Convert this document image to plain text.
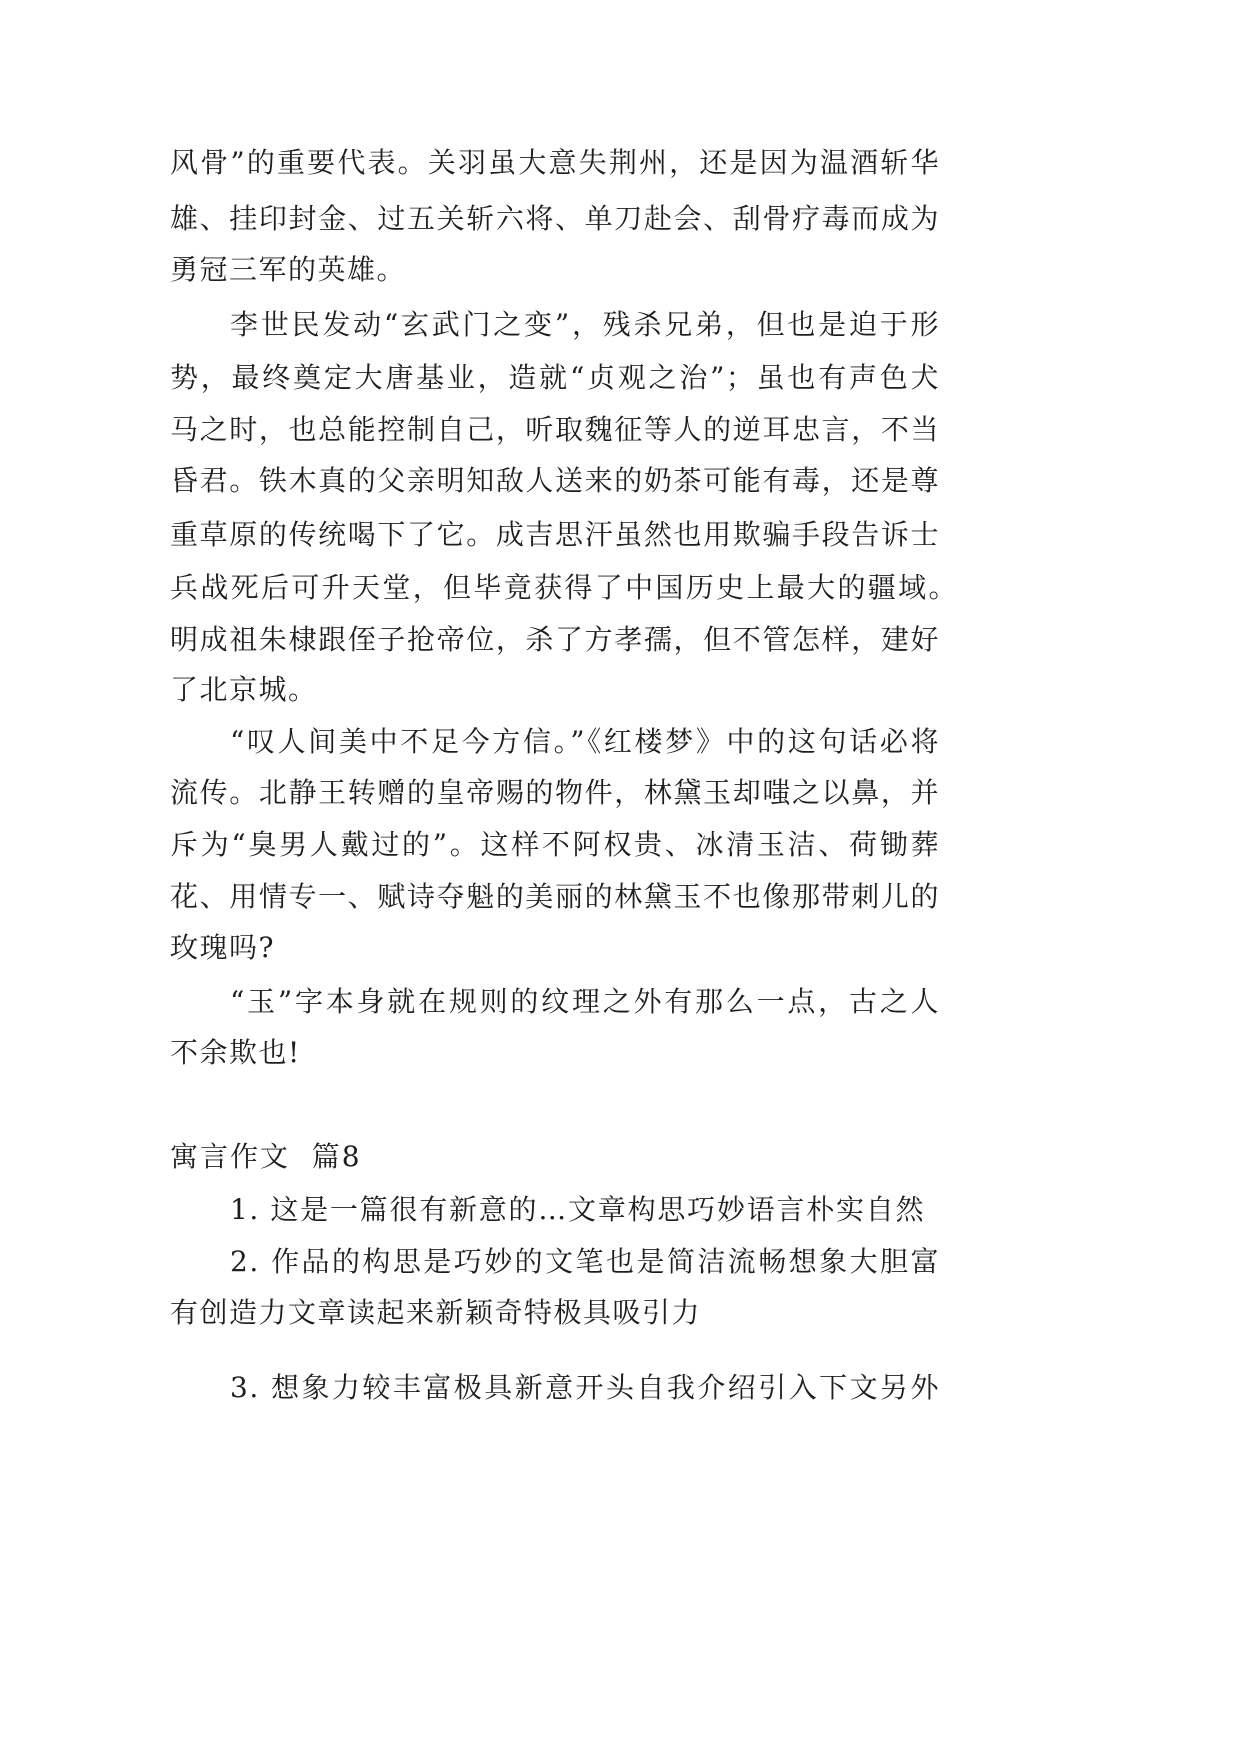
风骨”的重要代表。关羽虽大意失荆州，还是因为温酒斩华
雄、挂印封金、过五关斩六将、单刀赴会、刮骨疗毒而成为
勇冠三军的英雄。
李世民发动“玄武门之变”，残杀兄弟，但也是迫于形
势，最终奠定大唐基业，造就“贞观之治”；虽也有声色犬
马之时，也总能控制自己，听取魏征等人的逆耳忠言，不当
昏君。铁木真的父亲明知敌人送来的奶茶可能有毒，还是尊
重草原的传统喝下了它。成吉思汗虽然也用欺骗手段告诉士
兵战死后可升天堂，但毕竟获得了中国历史上最大的疆域。
明成祖朱棣跟侄子抢帝位，杀了方孝孺，但不管怎样，建好
了北京城。
“叹人间美中不足今方信。”《红楼梦》中的这句话必将
流传。北静王转赠的皇帝赐的物件，林黛玉却嗤之以鼻，并
斥为“臭男人戴过的”。这样不阿权贵、冰清玉洁、荷锄葬
花、用情专一、赋诗夺魁的美丽的林黛玉不也像那带刺儿的
玫瑰吗?
“玉”字本身就在规则的纹理之外有那么一点，古之人
不余欺也!
寓言作文  篇8
1. 这是一篇很有新意的…文章构思巧妙语言朴实自然
2. 作品的构思是巧妙的文笔也是简洁流畅想象大胆富
有创造力文章读起来新颖奇特极具吸引力
3. 想象力较丰富极具新意开头自我介绍引入下文另外
